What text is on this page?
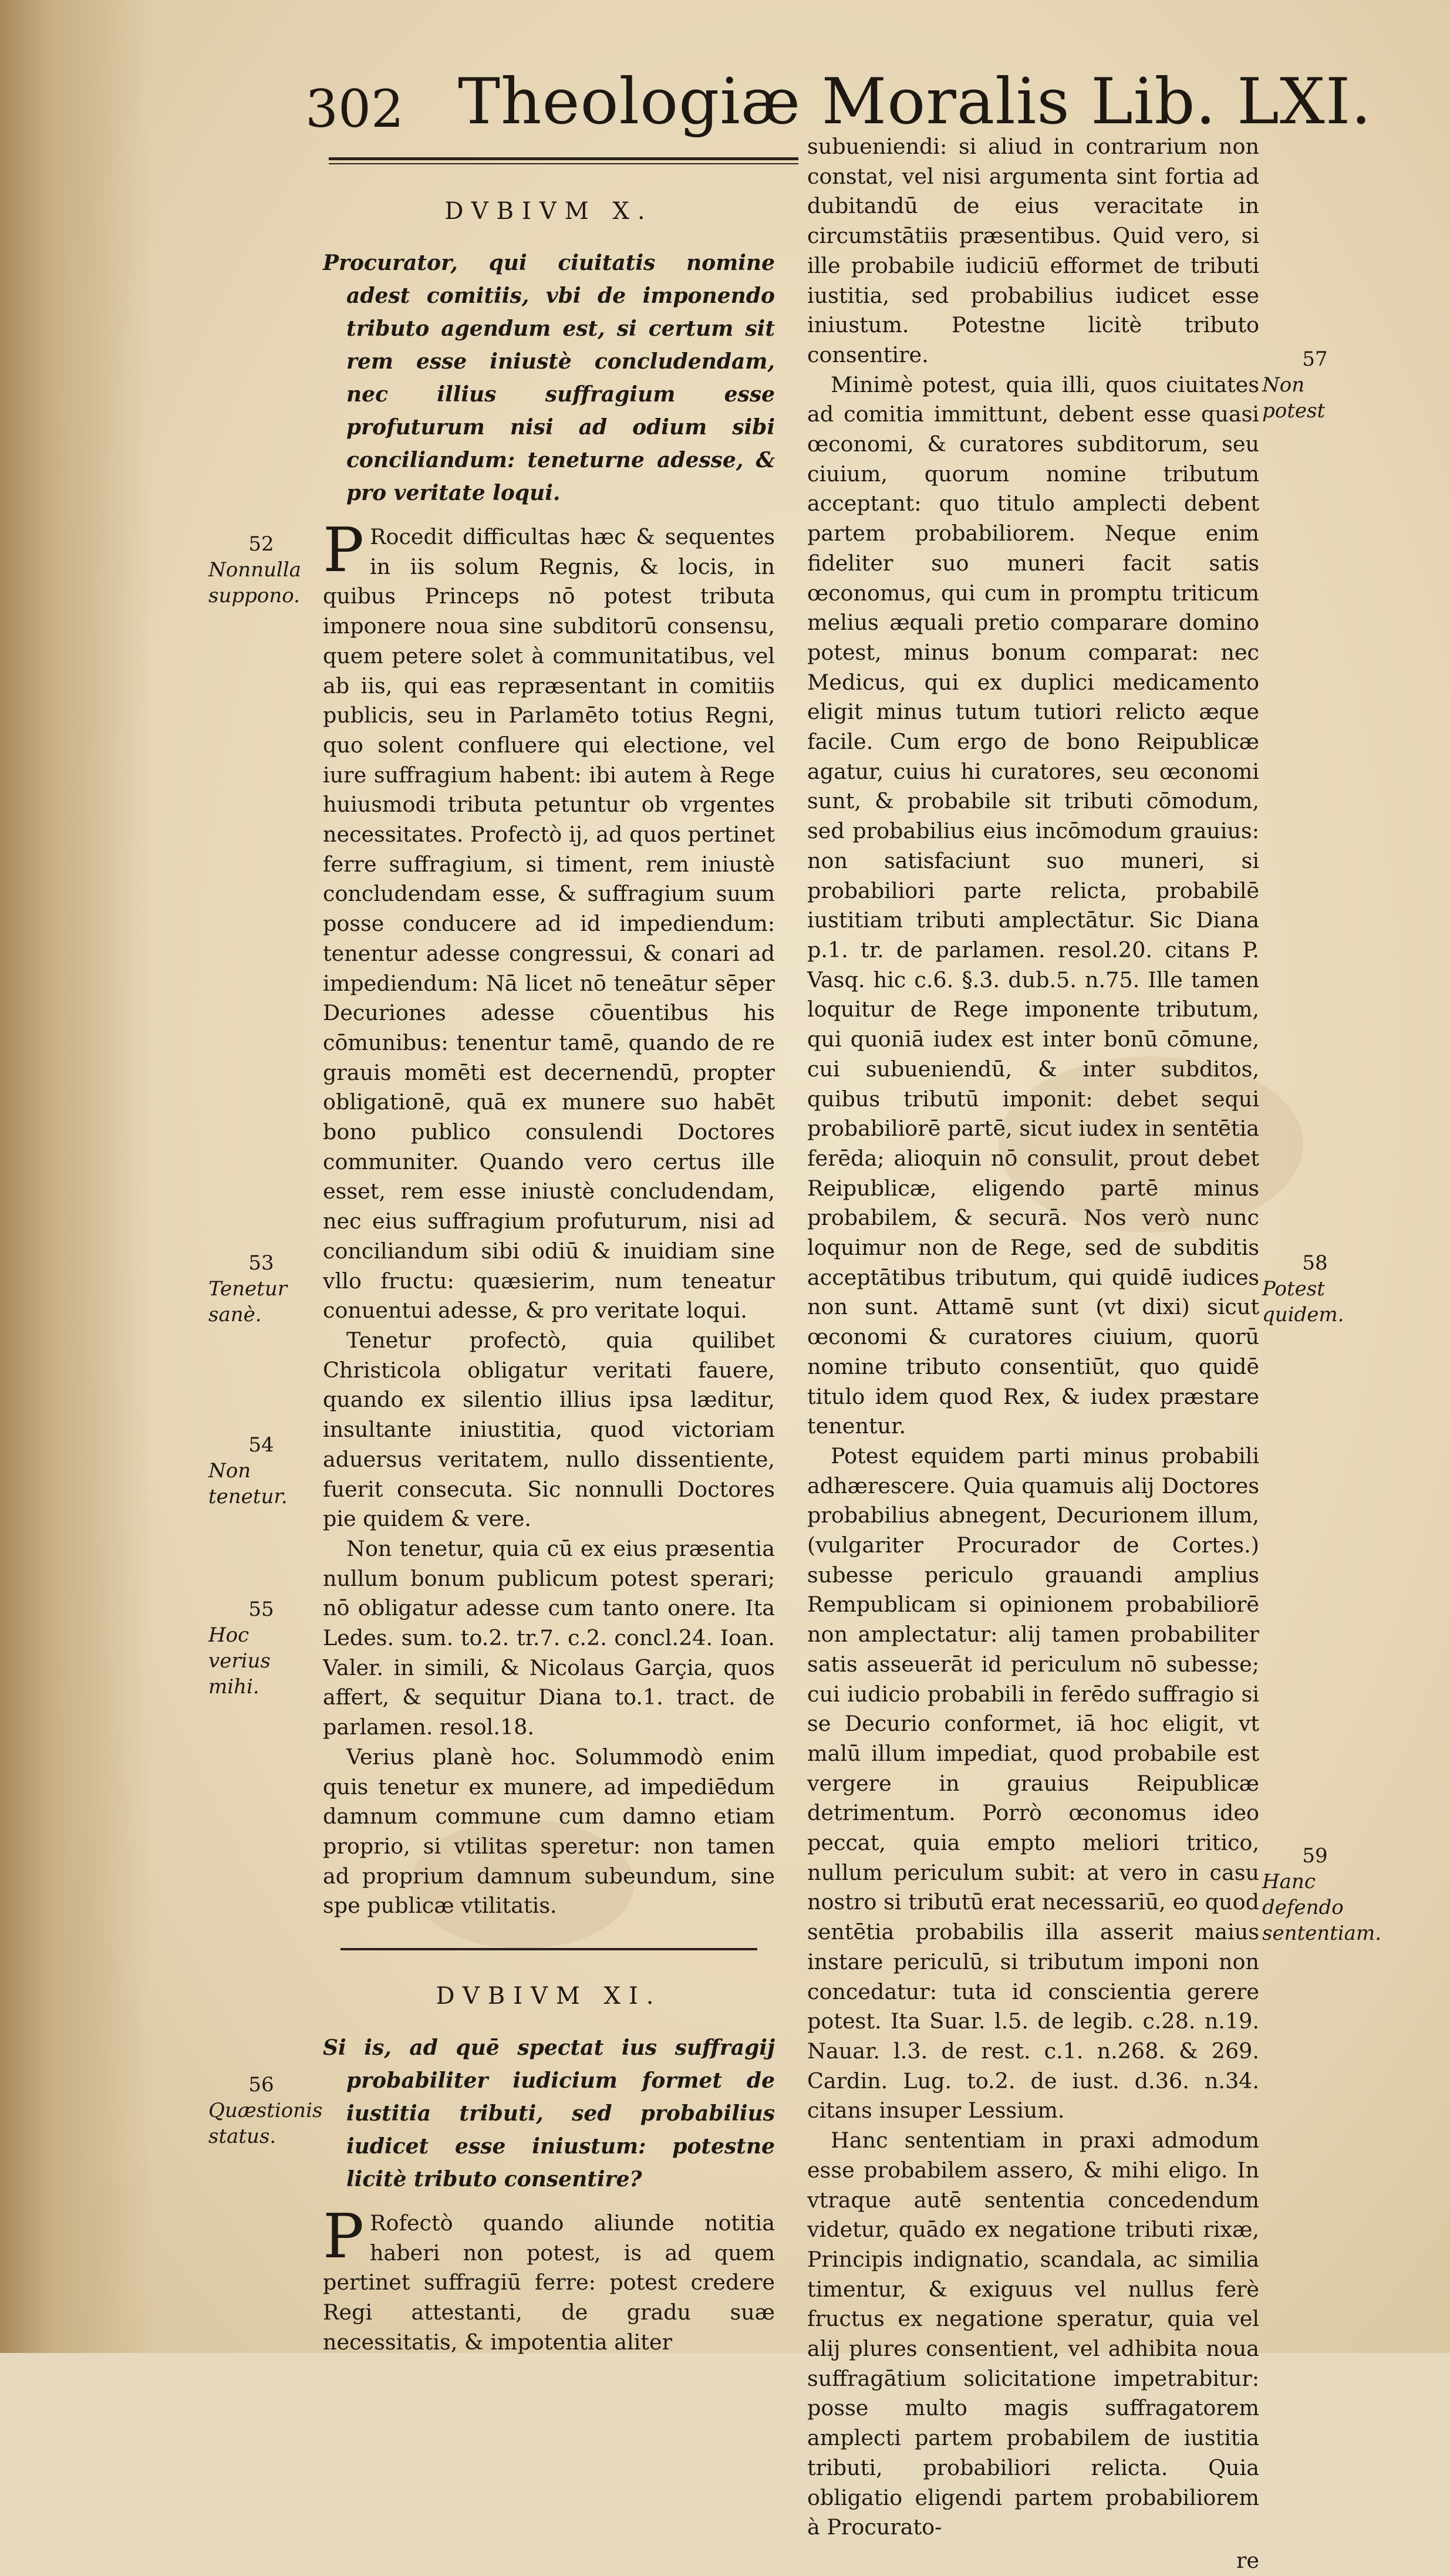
302 Theologiæ Moralis Lib. LXI.
DVBIVM X.

Procurator, qui ciuitatis nomine adest comitiis, vbi de imponendo tributo agendum est, si certum sit rem esse iniustè concludendam, nec illius suffragium esse profuturum nisi ad odium sibi conciliandum: teneturne adesse, & pro veritate loqui.

P Rocedit difficultas hæc & sequentes in iis solum Regnis, & locis, in quibus Princeps nō potest tributa imponere noua sine subditorū consensu, quem petere solet à communitatibus, vel ab iis, qui eas repræsentant in comitiis publicis, seu in Parlamēto totius Regni, quo solent confluere qui electione, vel iure suffragium habent: ibi autem à Rege huiusmodi tributa petuntur ob vrgentes necessitates. Profectò ij, ad quos pertinet ferre suffragium, si timent, rem iniustè concludendam esse, & suffragium suum posse conducere ad id impediendum: tenentur adesse congressui, & conari ad impediendum: Nā licet nō teneātur sēper Decuriones adesse cōuentibus his cōmunibus: tenentur tamē, quando de re grauis momēti est decernendū, propter obligationē, quā ex munere suo habēt bono publico consulendi Doctores communiter. Quando vero certus ille esset, rem esse iniustè concludendam, nec eius suffragium profuturum, nisi ad conciliandum sibi odiū & inuidiam sine vllo fructu: quæsierim, num teneatur conuentui adesse, & pro veritate loqui.

Tenetur profectò, quia quilibet Christicola obligatur veritati fauere, quando ex silentio illius ipsa læditur, insultante iniustitia, quod victoriam aduersus veritatem, nullo dissentiente, fuerit consecuta. Sic nonnulli Doctores pie quidem & vere.

Non tenetur, quia cū ex eius præsentia nullum bonum publicum potest sperari; nō obligatur adesse cum tanto onere. Ita Ledes. sum. to.2. tr.7. c.2. concl.24. Ioan. Valer. in simili, & Nicolaus Garçia, quos affert, & sequitur Diana to.1. tract. de parlamen. resol.18.

Verius planè hoc. Solummodò enim quis tenetur ex munere, ad impediēdum damnum commune cum damno etiam proprio, si vtilitas speretur: non tamen ad proprium damnum subeundum, sine spe publicæ vtilitatis.

DVBIVM XI.

Si is, ad quē spectat ius suffragij probabiliter iudicium formet de iustitia tributi, sed probabilius iudicet esse iniustum: potestne licitè tributo consentire?

P Rofectò quando aliunde notitia haberi non potest, is ad quem pertinet suffragiū ferre: potest credere Regi attestanti, de gradu suæ necessitatis, & impotentia aliter

subueniendi: si aliud in contrarium non constat, vel nisi argumenta sint fortia ad dubitandū de eius veracitate in circumstātiis præsentibus. Quid vero, si ille probabile iudiciū efformet de tributi iustitia, sed probabilius iudicet esse iniustum. Potestne licitè tributo consentire.

Minimè potest, quia illi, quos ciuitates ad comitia immittunt, debent esse quasi œconomi, & curatores subditorum, seu ciuium, quorum nomine tributum acceptant: quo titulo amplecti debent partem probabiliorem. Neque enim fideliter suo muneri facit satis œconomus, qui cum in promptu triticum melius æquali pretio comparare domino potest, minus bonum comparat: nec Medicus, qui ex duplici medicamento eligit minus tutum tutiori relicto æque facile. Cum ergo de bono Reipublicæ agatur, cuius hi curatores, seu œconomi sunt, & probabile sit tributi cōmodum, sed probabilius eius incōmodum grauius: non satisfaciunt suo muneri, si probabiliori parte relicta, probabilē iustitiam tributi amplectātur. Sic Diana p.1. tr. de parlamen. resol.20. citans P. Vasq. hic c.6. §.3. dub.5. n.75. Ille tamen loquitur de Rege imponente tributum, qui quoniā iudex est inter bonū cōmune, cui subueniendū, & inter subditos, quibus tributū imponit: debet sequi probabiliorē partē, sicut iudex in sentētia ferēda; alioquin nō consulit, prout debet Reipublicæ, eligendo partē minus probabilem, & securā. Nos verò nunc loquimur non de Rege, sed de subditis acceptātibus tributum, qui quidē iudices non sunt. Attamē sunt (vt dixi) sicut œconomi & curatores ciuium, quorū nomine tributo consentiūt, quo quidē titulo idem quod Rex, & iudex præstare tenentur.

Potest equidem parti minus probabili adhærescere. Quia quamuis alij Doctores probabilius abnegent, Decurionem illum, (vulgariter Procurador de Cortes.) subesse periculo grauandi amplius Rempublicam si opinionem probabiliorē non amplectatur: alij tamen probabiliter satis asseuerāt id periculum nō subesse; cui iudicio probabili in ferēdo suffragio si se Decurio conformet, iā hoc eligit, vt malū illum impediat, quod probabile est vergere in grauius Reipublicæ detrimentum. Porrò œconomus ideo peccat, quia empto meliori tritico, nullum periculum subit: at vero in casu nostro si tributū erat necessariū, eo quod sentētia probabilis illa asserit maius instare periculū, si tributum imponi non concedatur: tuta id conscientia gerere potest. Ita Suar. l.5. de legib. c.28. n.19. Nauar. l.3. de rest. c.1. n.268. & 269. Cardin. Lug. to.2. de iust. d.36. n.34. citans insuper Lessium.

Hanc sententiam in praxi admodum esse probabilem assero, & mihi eligo. In vtraque autē sententia concedendum videtur, quādo ex negatione tributi rixæ, Principis indignatio, scandala, ac similia timentur, & exiguus vel nullus ferè fructus ex negatione speratur, quia vel alij plures consentient, vel adhibita noua suffragātium solicitatione impetrabitur: posse multo magis suffragatorem amplecti partem probabilem de iustitia tributi, probabiliori relicta. Quia obligatio eligendi partem probabiliorem à Procurato-

re
52
Nonnulla suppono.
53
Tenetur sanè.
54
Non tenetur.
55
Hoc verius mihi.
56
Quæstionis status.
57
Non potest
58
Potest quidem.
59
Hanc defendo sententiam.
